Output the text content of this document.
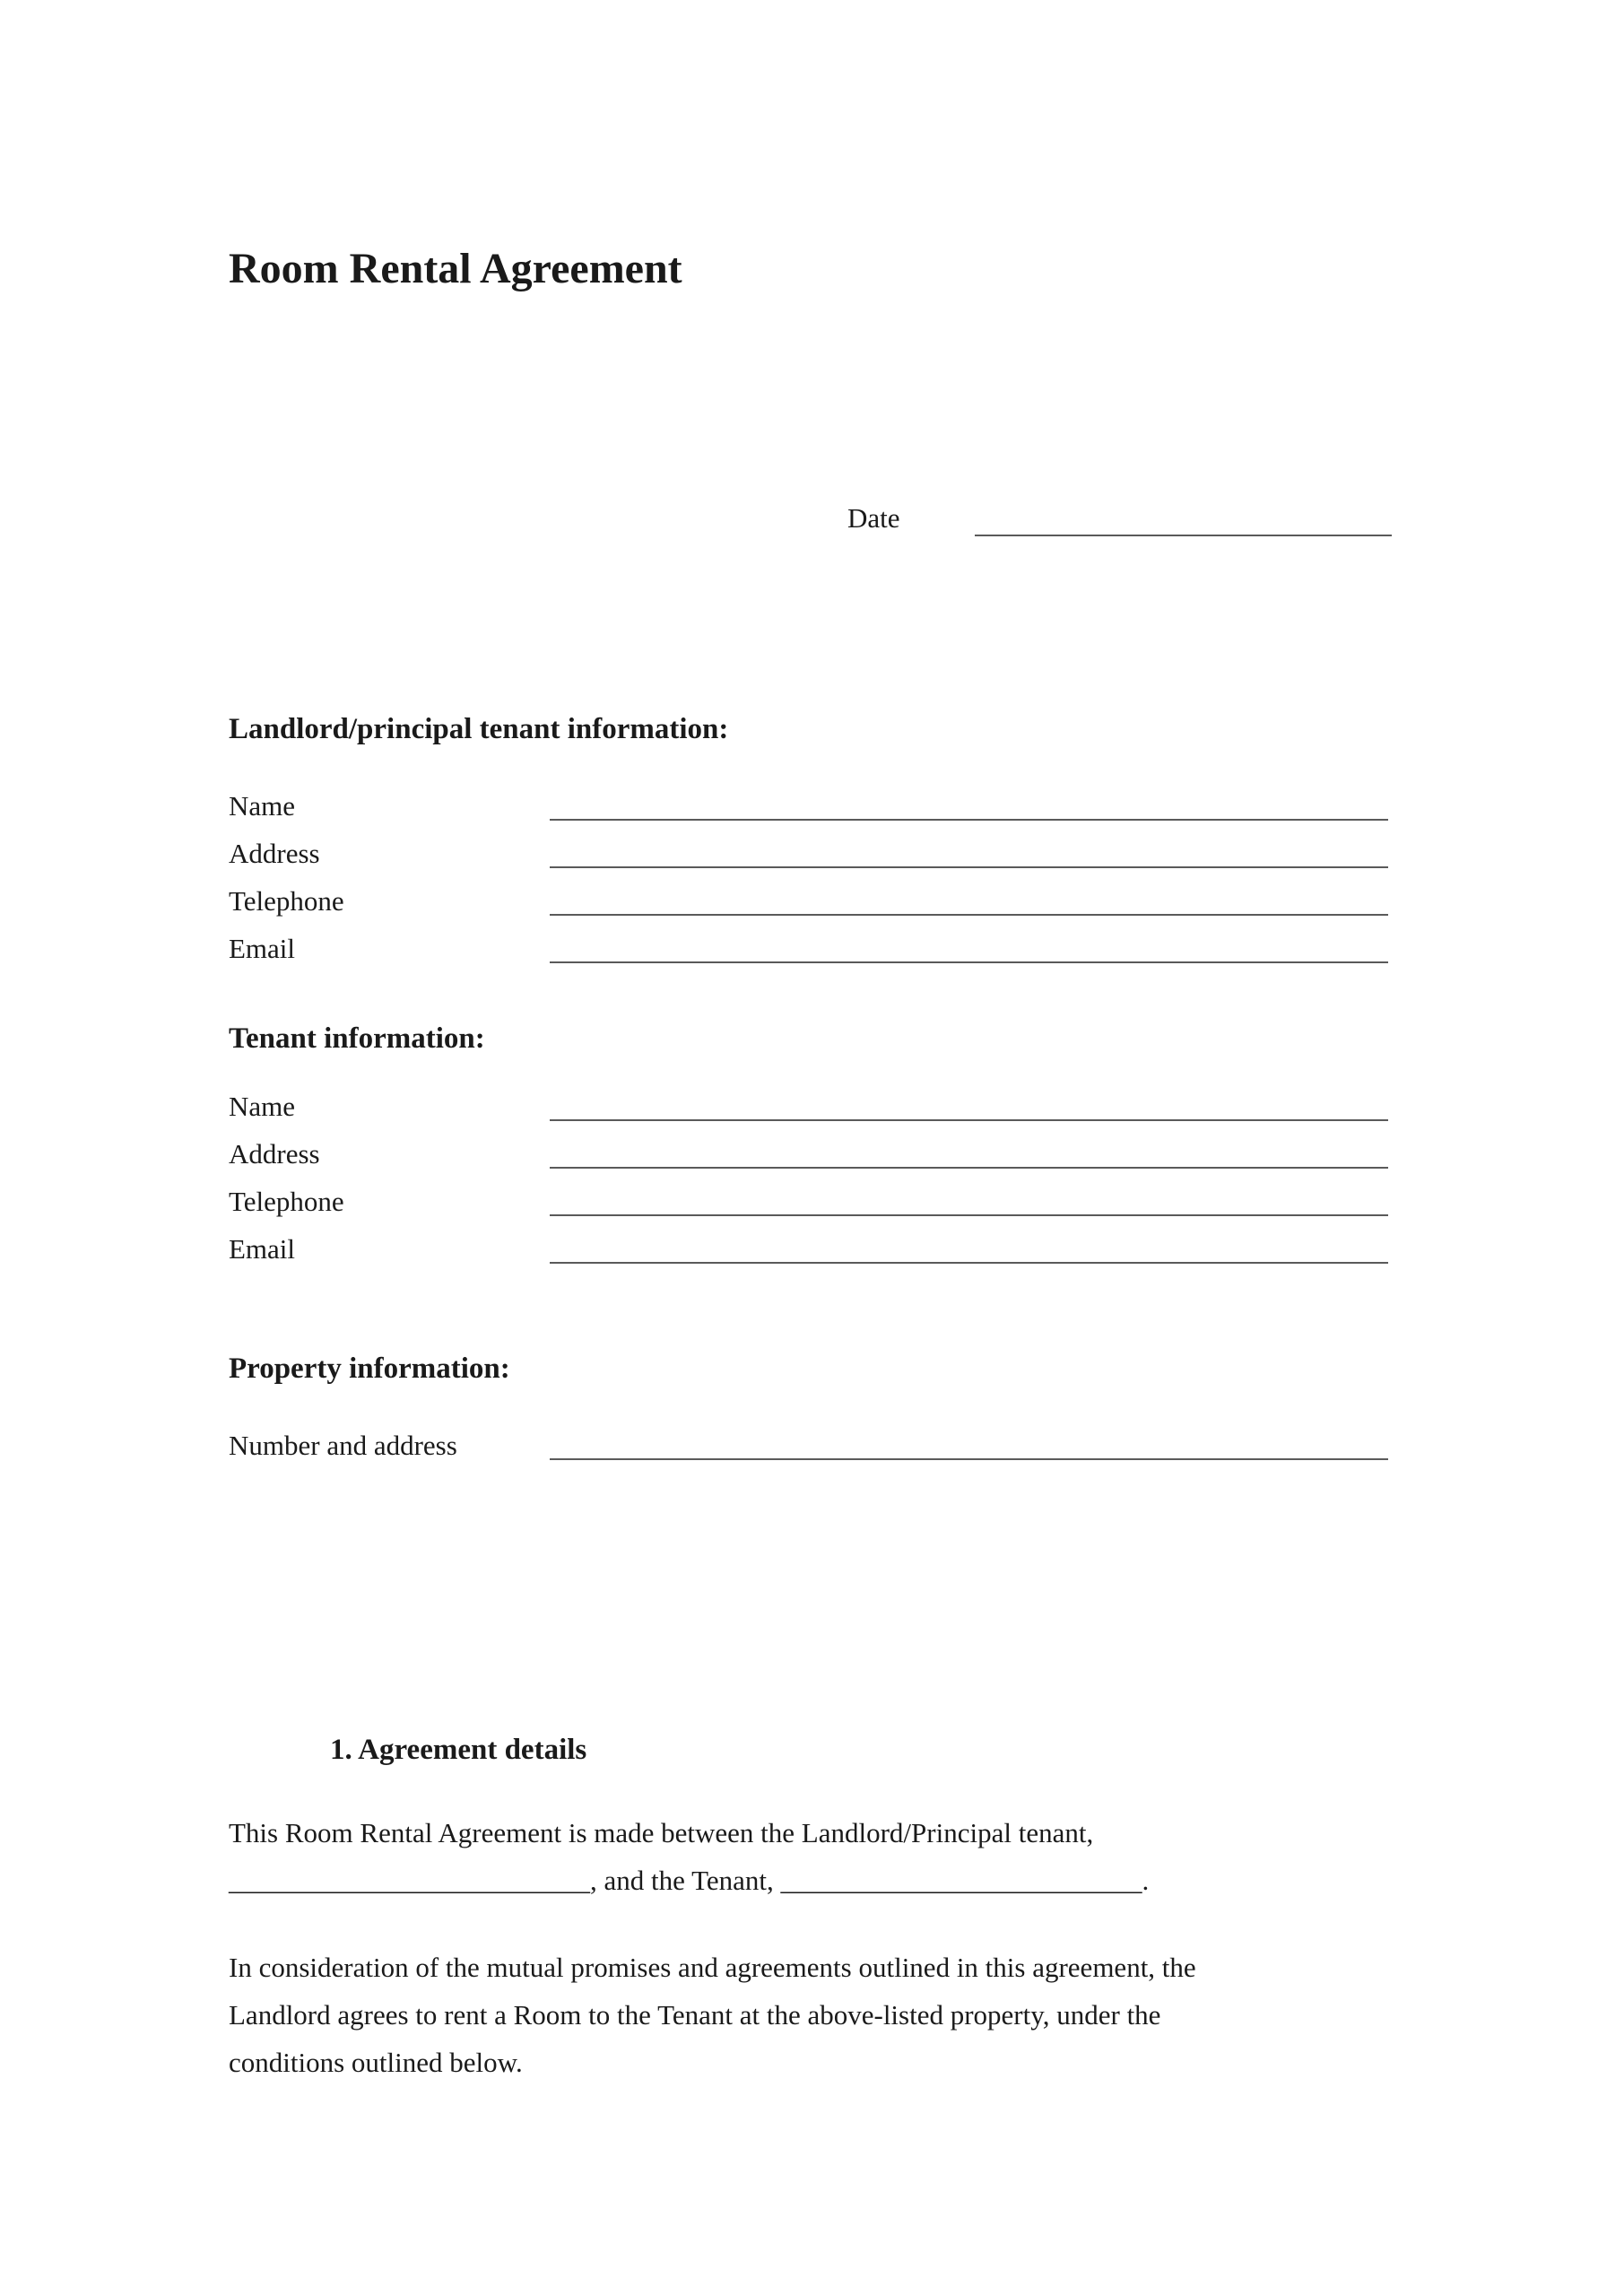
Room Rental Agreement
Date
Landlord/principal tenant information:
Name
Address
Telephone
Email
Tenant information:
Name
Address
Telephone
Email
Property information:
Number and address
1. Agreement details
This Room Rental Agreement is made between the Landlord/Principal tenant,
__________________________, and the Tenant, __________________________.
In consideration of the mutual promises and agreements outlined in this agreement, the
Landlord agrees to rent a Room to the Tenant at the above-listed property, under the
conditions outlined below.
